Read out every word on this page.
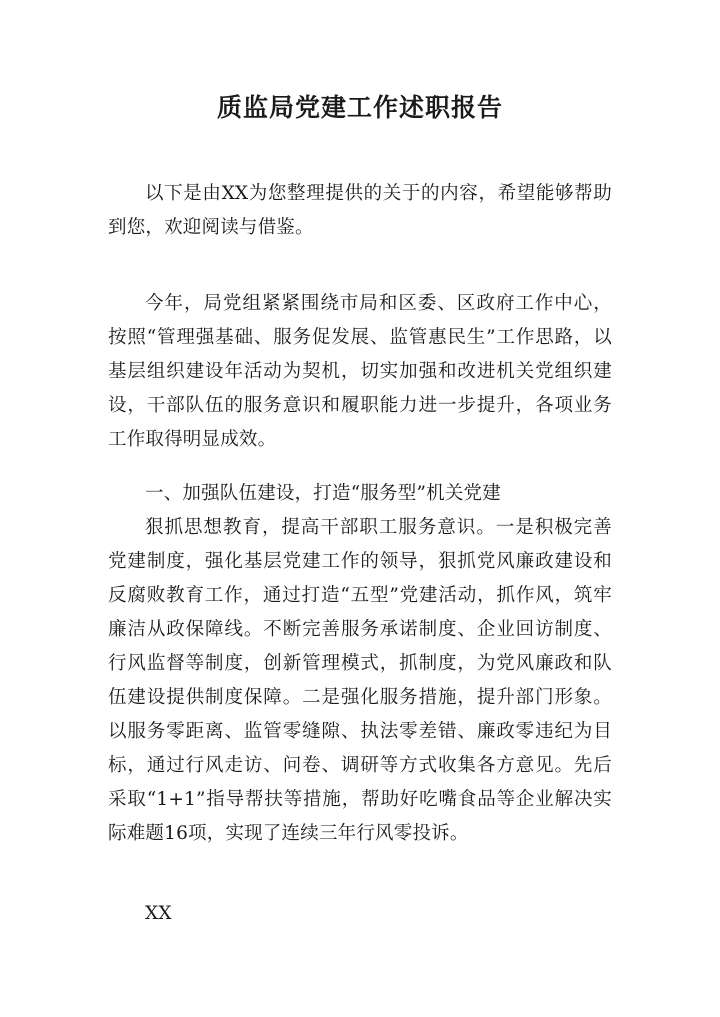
质监局党建工作述职报告

以下是由XX为您整理提供的关于的内容，希望能够帮助到您，欢迎阅读与借鉴。

今年，局党组紧紧围绕市局和区委、区政府工作中心，按照“管理强基础、服务促发展、监管惠民生”工作思路，以基层组织建设年活动为契机，切实加强和改进机关党组织建设，干部队伍的服务意识和履职能力进一步提升，各项业务工作取得明显成效。

一、加强队伍建设，打造“服务型”机关党建

狠抓思想教育，提高干部职工服务意识。一是积极完善党建制度，强化基层党建工作的领导，狠抓党风廉政建设和反腐败教育工作，通过打造“五型”党建活动，抓作风，筑牢廉洁从政保障线。不断完善服务承诺制度、企业回访制度、行风监督等制度，创新管理模式，抓制度，为党风廉政和队伍建设提供制度保障。二是强化服务措施，提升部门形象。以服务零距离、监管零缝隙、执法零差错、廉政零违纪为目标，通过行风走访、问卷、调研等方式收集各方意见。先后采取“1+1”指导帮扶等措施，帮助好吃嘴食品等企业解决实际难题16项，实现了连续三年行风零投诉。

XX
